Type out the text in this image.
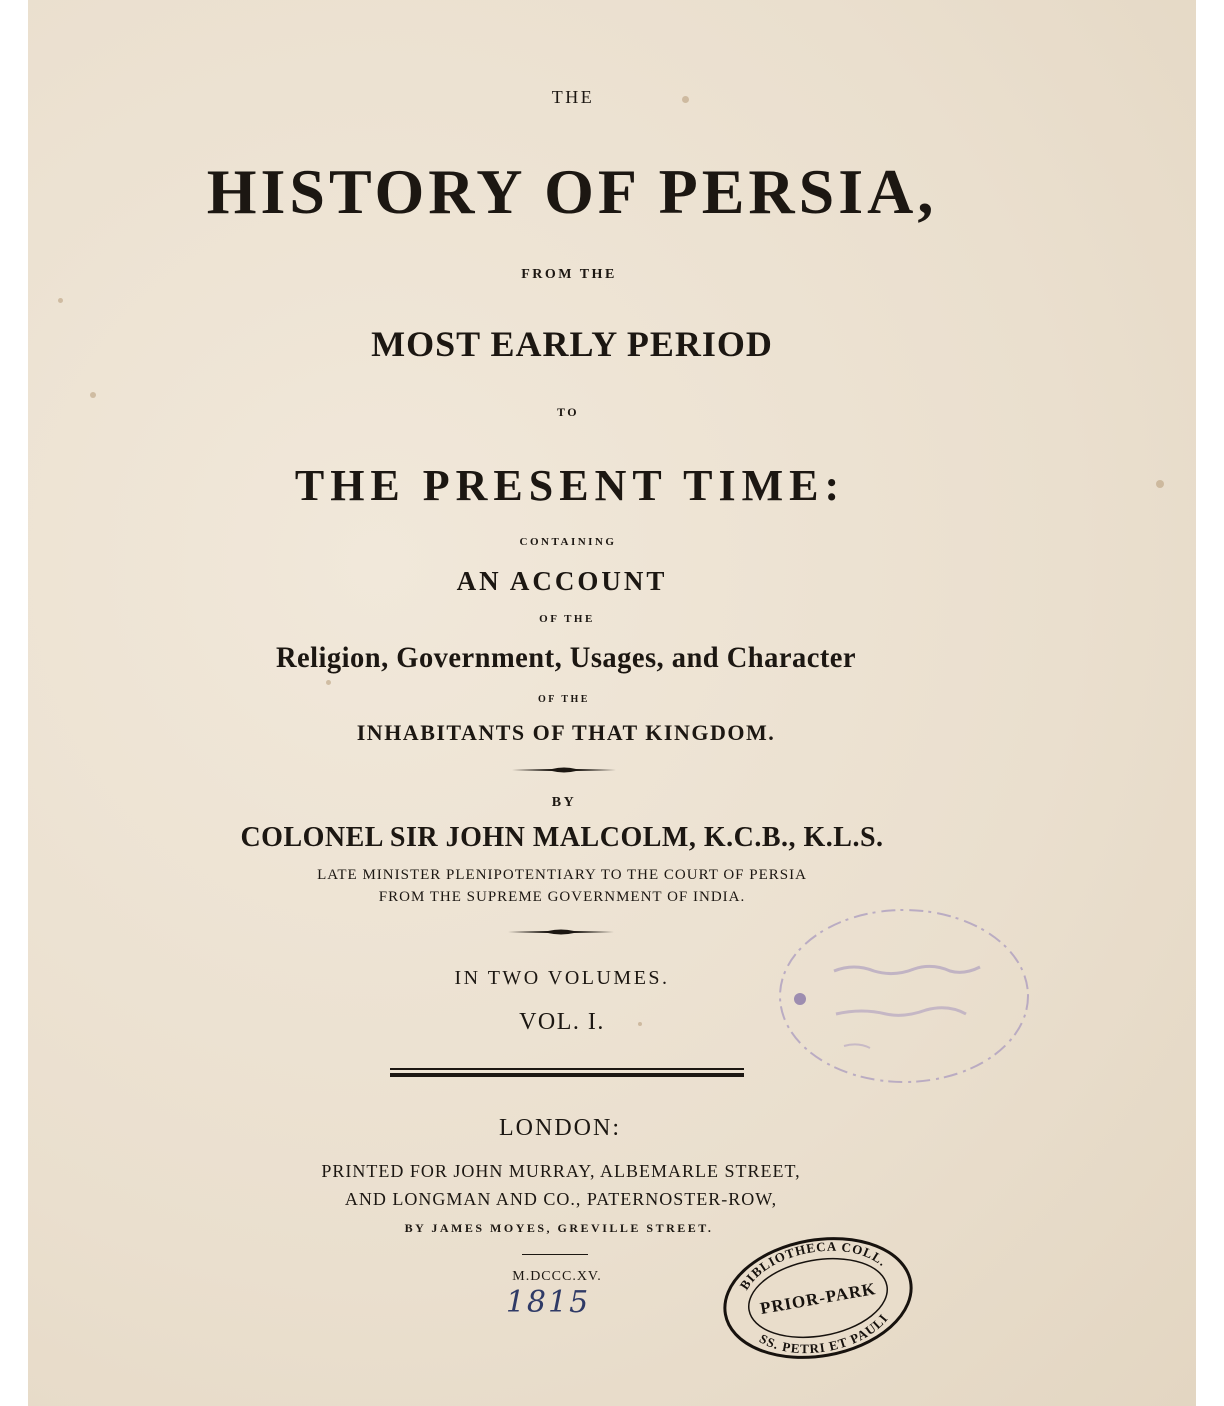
THE

HISTORY OF PERSIA,

FROM THE

MOST EARLY PERIOD

TO

THE PRESENT TIME:

CONTAINING

AN ACCOUNT

OF THE

Religion, Government, Usages, and Character

OF THE

INHABITANTS OF THAT KINGDOM.

BY

COLONEL SIR JOHN MALCOLM, K.C.B., K.L.S.

LATE MINISTER PLENIPOTENTIARY TO THE COURT OF PERSIA

FROM THE SUPREME GOVERNMENT OF INDIA.

IN TWO VOLUMES.

VOL. I.

LONDON:

PRINTED FOR JOHN MURRAY, ALBEMARLE STREET,

AND LONGMAN AND CO., PATERNOSTER-ROW,

BY JAMES MOYES, GREVILLE STREET.

M.DCCC.XV.

1815

BIBLIOTHECA COLL.
PRIOR-PARK
SS. PETRI ET PAULI
